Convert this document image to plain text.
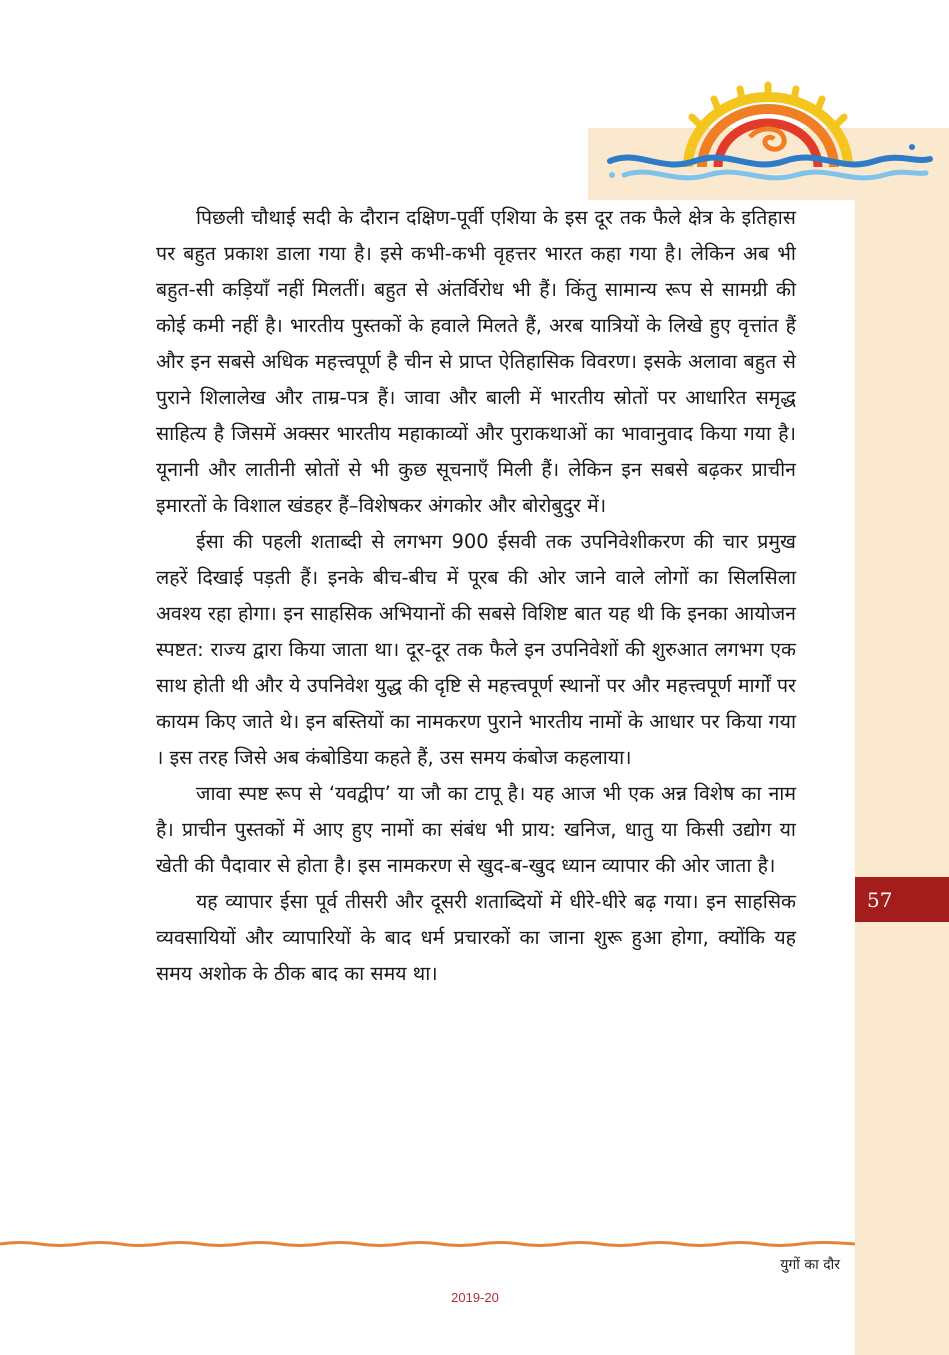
57

पिछली चौथाई सदी के दौरान दक्षिण-पूर्वी एशिया के इस दूर तक फैले क्षेत्र के इतिहास पर बहुत प्रकाश डाला गया है। इसे कभी-कभी वृहत्तर भारत कहा गया है। लेकिन अब भी बहुत-सी कड़ियाँ नहीं मिलतीं। बहुत से अंतर्विरोध भी हैं। किंतु सामान्य रूप से सामग्री की कोई कमी नहीं है। भारतीय पुस्तकों के हवाले मिलते हैं, अरब यात्रियों के लिखे हुए वृत्तांत हैं और इन सबसे अधिक महत्त्वपूर्ण है चीन से प्राप्त ऐतिहासिक विवरण। इसके अलावा बहुत से पुराने शिलालेख और ताम्र-पत्र हैं। जावा और बाली में भारतीय स्रोतों पर आधारित समृद्ध साहित्य है जिसमें अक्सर भारतीय महाकाव्यों और पुराकथाओं का भावानुवाद किया गया है। यूनानी और लातीनी स्रोतों से भी कुछ सूचनाएँ मिली हैं। लेकिन इन सबसे बढ़कर प्राचीन इमारतों के विशाल खंडहर हैं–विशेषकर अंगकोर और बोरोबुदुर में।

ईसा की पहली शताब्दी से लगभग 900 ईसवी तक उपनिवेशीकरण की चार प्रमुख लहरें दिखाई पड़ती हैं। इनके बीच-बीच में पूरब की ओर जाने वाले लोगों का सिलसिला अवश्य रहा होगा। इन साहसिक अभियानों की सबसे विशिष्ट बात यह थी कि इनका आयोजन स्पष्टत: राज्य द्वारा किया जाता था। दूर-दूर तक फैले इन उपनिवेशों की शुरुआत लगभग एक साथ होती थी और ये उपनिवेश युद्ध की दृष्टि से महत्त्वपूर्ण स्थानों पर और महत्त्वपूर्ण मार्गों पर कायम किए जाते थे। इन बस्तियों का नामकरण पुराने भारतीय नामों के आधार पर किया गया । इस तरह जिसे अब कंबोडिया कहते हैं, उस समय कंबोज कहलाया।

जावा स्पष्ट रूप से ‘यवद्वीप’ या जौ का टापू है। यह आज भी एक अन्न विशेष का नाम है। प्राचीन पुस्तकों में आए हुए नामों का संबंध भी प्राय: खनिज, धातु या किसी उद्योग या खेती की पैदावार से होता है। इस नामकरण से खुद-ब-खुद ध्यान व्यापार की ओर जाता है।

यह व्यापार ईसा पूर्व तीसरी और दूसरी शताब्दियों में धीरे-धीरे बढ़ गया। इन साहसिक व्यवसायियों और व्यापारियों के बाद धर्म प्रचारकों का जाना शुरू हुआ होगा, क्योंकि यह समय अशोक के ठीक बाद का समय था।

युगों का दौर
2019-20
